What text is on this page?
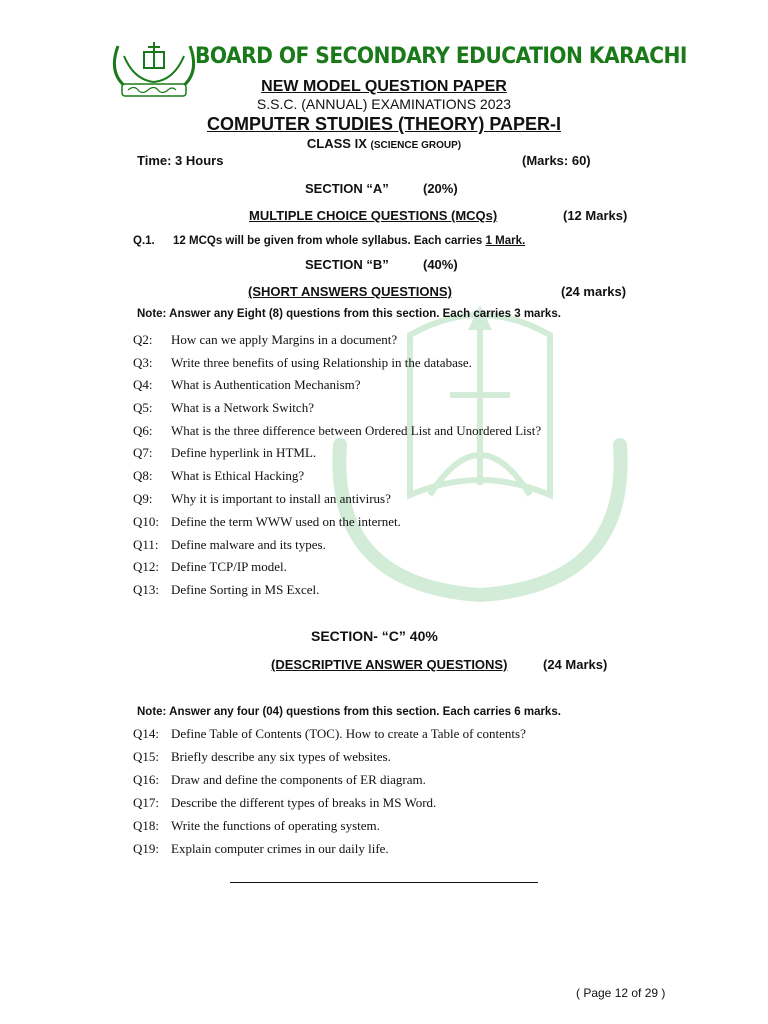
BOARD OF SECONDARY EDUCATION KARACHI
NEW MODEL QUESTION PAPER
S.S.C. (ANNUAL) EXAMINATIONS 2023
COMPUTER STUDIES (THEORY) PAPER-I
CLASS IX (SCIENCE GROUP)
Time: 3 Hours	(Marks: 60)
SECTION “A”	(20%)
MULTIPLE CHOICE QUESTIONS (MCQs)	(12 Marks)
Q.1. 12 MCQs will be given from whole syllabus. Each carries 1 Mark.
SECTION “B”	(40%)
(SHORT ANSWERS QUESTIONS)	(24 marks)
Note: Answer any Eight (8) questions from this section. Each carries 3 marks.
Q2: How can we apply Margins in a document?
Q3: Write three benefits of using Relationship in the database.
Q4: What is Authentication Mechanism?
Q5: What is a Network Switch?
Q6: What is the three difference between Ordered List and Unordered List?
Q7: Define hyperlink in HTML.
Q8: What is Ethical Hacking?
Q9: Why it is important to install an antivirus?
Q10: Define the term WWW used on the internet.
Q11: Define malware and its types.
Q12: Define TCP/IP model.
Q13: Define Sorting in MS Excel.
SECTION- “C” 40%
(DESCRIPTIVE ANSWER QUESTIONS)	(24 Marks)
Note: Answer any four (04) questions from this section. Each carries 6 marks.
Q14: Define Table of Contents (TOC). How to create a Table of contents?
Q15: Briefly describe any six types of websites.
Q16: Draw and define the components of ER diagram.
Q17: Describe the different types of breaks in MS Word.
Q18: Write the functions of operating system.
Q19: Explain computer crimes in our daily life.
( Page 12 of 29 )
